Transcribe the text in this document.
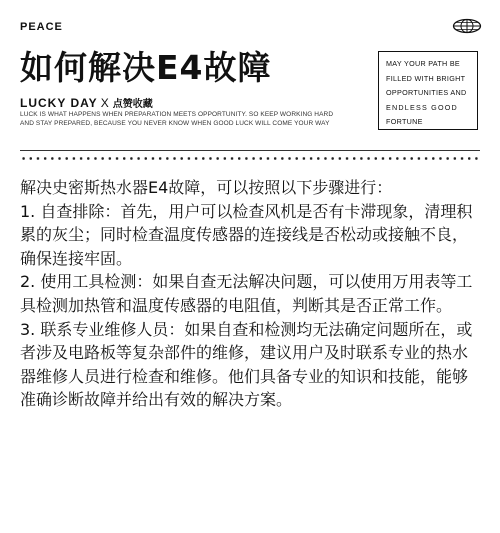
PEACE
如何解决E4故障
LUCKY DAY X 点赞收藏
LUCK IS WHAT HAPPENS WHEN PREPARATION MEETS OPPORTUNITY. SO KEEP WORKING HARD AND STAY PREPARED, BECAUSE YOU NEVER KNOW WHEN GOOD LUCK WILL COME YOUR WAY
MAY YOUR PATH BE
FILLED WITH BRIGHT
OPPORTUNITIES AND
ENDLESS GOOD
FORTUNE

解决史密斯热水器E4故障，可以按照以下步骤进行：

1. 自查排除：首先，用户可以检查风机是否有卡滞现象，清理积累的灰尘；同时检查温度传感器的连接线是否松动或接触不良，确保连接牢固。

2. 使用工具检测：如果自查无法解决问题，可以使用万用表等工具检测加热管和温度传感器的电阻值，判断其是否正常工作。

3. 联系专业维修人员：如果自查和检测均无法确定问题所在，或者涉及电路板等复杂部件的维修，建议用户及时联系专业的热水器维修人员进行检查和维修。他们具备专业的知识和技能，能够准确诊断故障并给出有效的解决方案。
